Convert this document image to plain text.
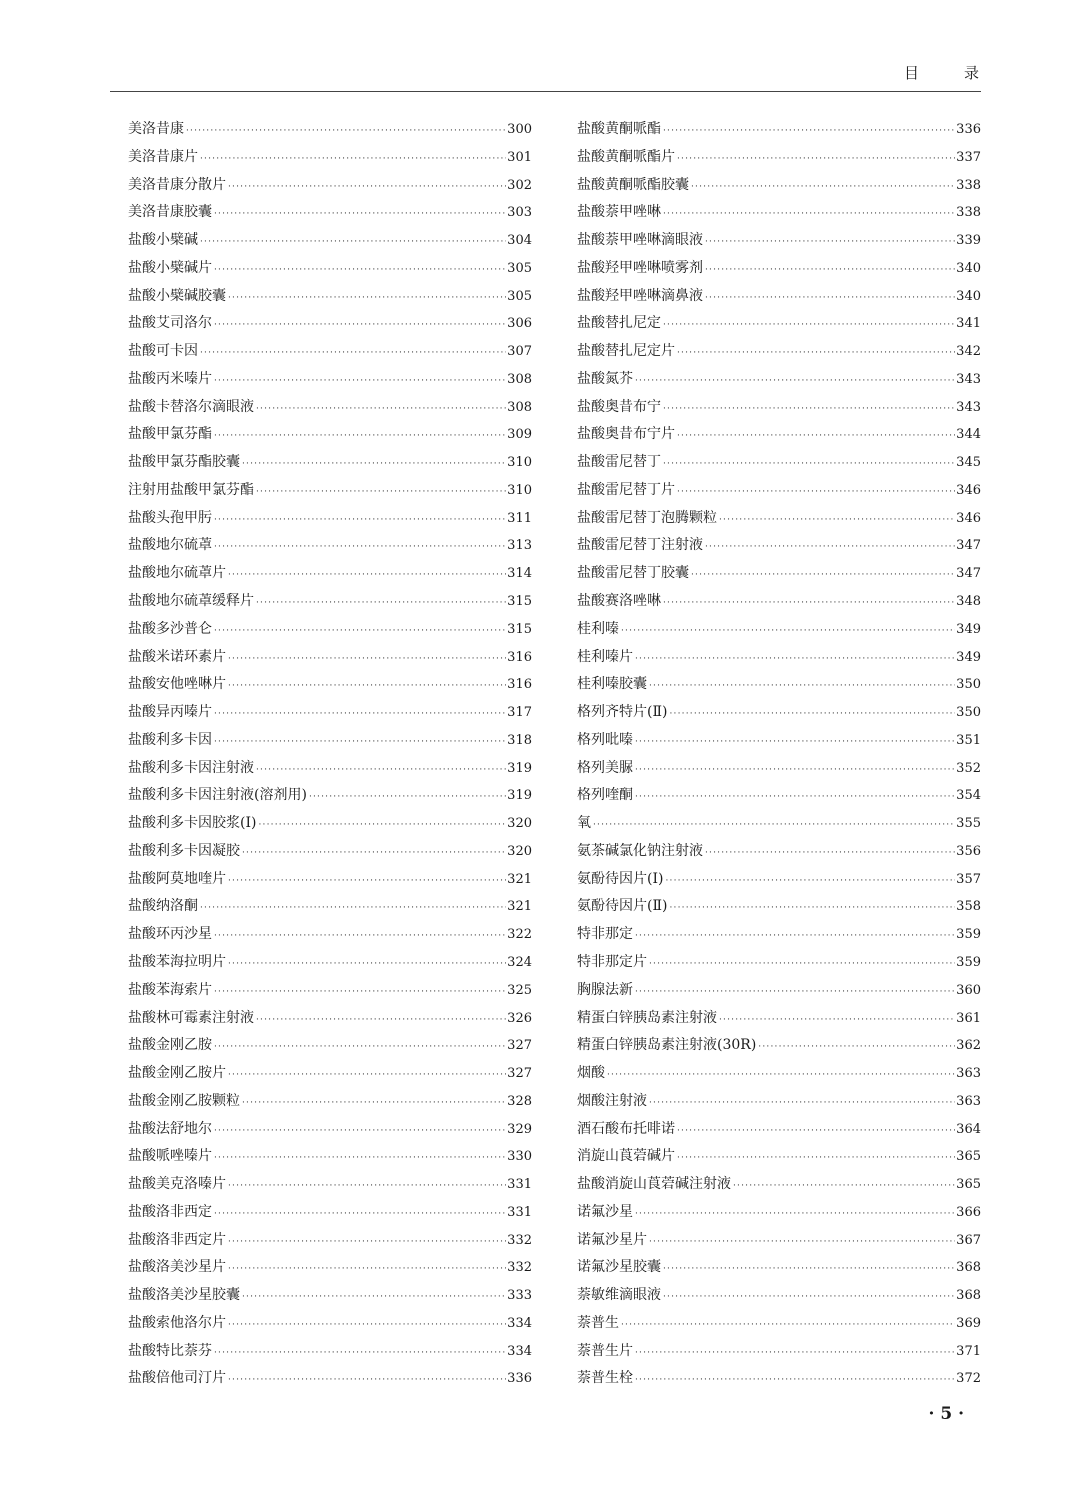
目	录
美洛昔康 ·····	300
美洛昔康片 ·····	301
美洛昔康分散片 ·····	302
美洛昔康胶囊 ·····	303
盐酸小檗碱 ·····	304
盐酸小檗碱片 ·····	305
盐酸小檗碱胶囊 ·····	305
盐酸艾司洛尔 ·····	306
盐酸可卡因 ·····	307
盐酸丙米嗪片 ·····	308
盐酸卡替洛尔滴眼液 ·····	308
盐酸甲氯芬酯 ·····	309
盐酸甲氯芬酯胶囊 ·····	310
注射用盐酸甲氯芬酯 ·····	310
盐酸头孢甲肟 ·····	311
盐酸地尔硫䓬 ·····	313
盐酸地尔硫䓬片 ·····	314
盐酸地尔硫䓬缓释片 ·····	315
盐酸多沙普仑 ·····	315
盐酸米诺环素片 ·····	316
盐酸安他唑啉片 ·····	316
盐酸异丙嗪片 ·····	317
盐酸利多卡因 ·····	318
盐酸利多卡因注射液 ·····	319
盐酸利多卡因注射液(溶剂用) ·····	319
盐酸利多卡因胶浆(Ⅰ) ·····	320
盐酸利多卡因凝胶 ·····	320
盐酸阿莫地喹片 ·····	321
盐酸纳洛酮 ·····	321
盐酸环丙沙星 ·····	322
盐酸苯海拉明片 ·····	324
盐酸苯海索片 ·····	325
盐酸林可霉素注射液 ·····	326
盐酸金刚乙胺 ·····	327
盐酸金刚乙胺片 ·····	327
盐酸金刚乙胺颗粒 ·····	328
盐酸法舒地尔 ·····	329
盐酸哌唑嗪片 ·····	330
盐酸美克洛嗪片 ·····	331
盐酸洛非西定 ·····	331
盐酸洛非西定片 ·····	332
盐酸洛美沙星片 ·····	332
盐酸洛美沙星胶囊 ·····	333
盐酸索他洛尔片 ·····	334
盐酸特比萘芬 ·····	334
盐酸倍他司汀片 ·····	336
盐酸黄酮哌酯 ·····	336
盐酸黄酮哌酯片 ·····	337
盐酸黄酮哌酯胶囊 ·····	338
盐酸萘甲唑啉 ·····	338
盐酸萘甲唑啉滴眼液 ·····	339
盐酸羟甲唑啉喷雾剂 ·····	340
盐酸羟甲唑啉滴鼻液 ·····	340
盐酸替扎尼定 ·····	341
盐酸替扎尼定片 ·····	342
盐酸氮芥 ·····	343
盐酸奥昔布宁 ·····	343
盐酸奥昔布宁片 ·····	344
盐酸雷尼替丁 ·····	345
盐酸雷尼替丁片 ·····	346
盐酸雷尼替丁泡腾颗粒 ·····	346
盐酸雷尼替丁注射液 ·····	347
盐酸雷尼替丁胶囊 ·····	347
盐酸赛洛唑啉 ·····	348
桂利嗪 ·····	349
桂利嗪片 ·····	349
桂利嗪胶囊 ·····	350
格列齐特片(Ⅱ) ·····	350
格列吡嗪 ·····	351
格列美脲 ·····	352
格列喹酮 ·····	354
氧 ·····	355
氨茶碱氯化钠注射液 ·····	356
氨酚待因片(Ⅰ) ·····	357
氨酚待因片(Ⅱ) ·····	358
特非那定 ·····	359
特非那定片 ·····	359
胸腺法新 ·····	360
精蛋白锌胰岛素注射液 ·····	361
精蛋白锌胰岛素注射液(30R) ·····	362
烟酸 ·····	363
烟酸注射液 ·····	363
酒石酸布托啡诺 ·····	364
消旋山莨菪碱片 ·····	365
盐酸消旋山莨菪碱注射液 ·····	365
诺氟沙星 ·····	366
诺氟沙星片 ·····	367
诺氟沙星胶囊 ·····	368
萘敏维滴眼液 ·····	368
萘普生 ·····	369
萘普生片 ·····	371
萘普生栓 ·····	372
· 5 ·
